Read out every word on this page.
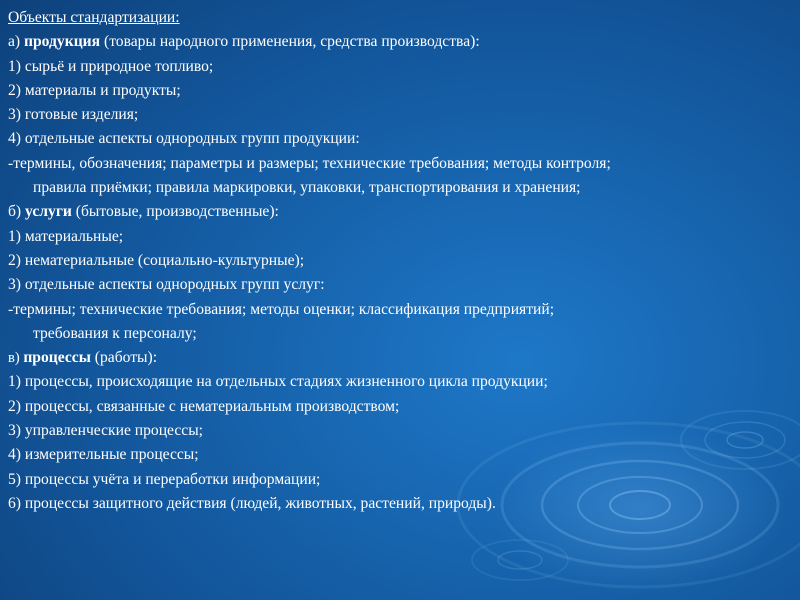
Объекты стандартизации:
а) продукция (товары народного применения, средства производства):
1) сырьё и природное топливо;
2) материалы и продукты;
3) готовые изделия;
4) отдельные аспекты однородных групп продукции:
-термины, обозначения; параметры и размеры; технические требования; методы контроля;
правила приёмки; правила маркировки, упаковки, транспортирования и хранения;
б) услуги (бытовые, производственные):
1) материальные;
2) нематериальные (социально-культурные);
3) отдельные аспекты однородных групп услуг:
-термины; технические требования; методы оценки; классификация предприятий;
требования к персоналу;
в) процессы (работы):
1) процессы, происходящие на отдельных стадиях жизненного цикла продукции;
2) процессы, связанные с нематериальным производством;
3) управленческие процессы;
4) измерительные процессы;
5) процессы учёта и переработки информации;
6) процессы защитного действия (людей, животных, растений, природы).
